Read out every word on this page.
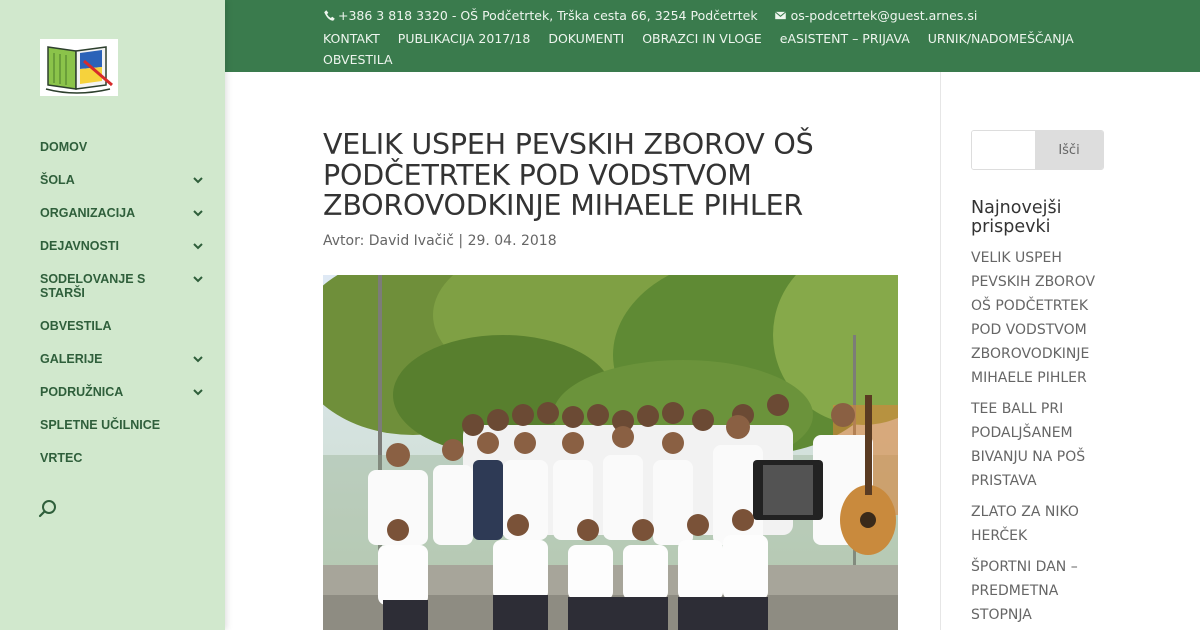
DOMOV
ŠOLA
ORGANIZACIJA
DEJAVNOSTI
SODELOVANJE S STARŠI
OBVESTILA
GALERIJE
PODRUŽNICA
SPLETNE UČILNICE
VRTEC
+386 3 818 3320 - OŠ Podčetrtek, Trška cesta 66, 3254 Podčetrtek	os-podcetrtek@guest.arnes.si
KONTAKT PUBLIKACIJA 2017/18 DOKUMENTI OBRAZCI IN VLOGE eASISTENT – PRIJAVA URNIK/NADOMEŠČANJA
OBVESTILA
VELIK USPEH PEVSKIH ZBOROV OŠ PODČETRTEK POD VODSTVOM ZBOROVODKINJE MIHAELE PIHLER
Avtor: David Ivačič | 29. 04. 2018
Išči
Najnovejši prispevki
VELIK USPEH PEVSKIH ZBOROV OŠ PODČETRTEK POD VODSTVOM ZBOROVODKINJE MIHAELE PIHLER
TEE BALL PRI PODALJŠANEM BIVANJU NA POŠ PRISTAVA
ZLATO ZA NIKO HERČEK
ŠPORTNI DAN – PREDMETNA STOPNJA
